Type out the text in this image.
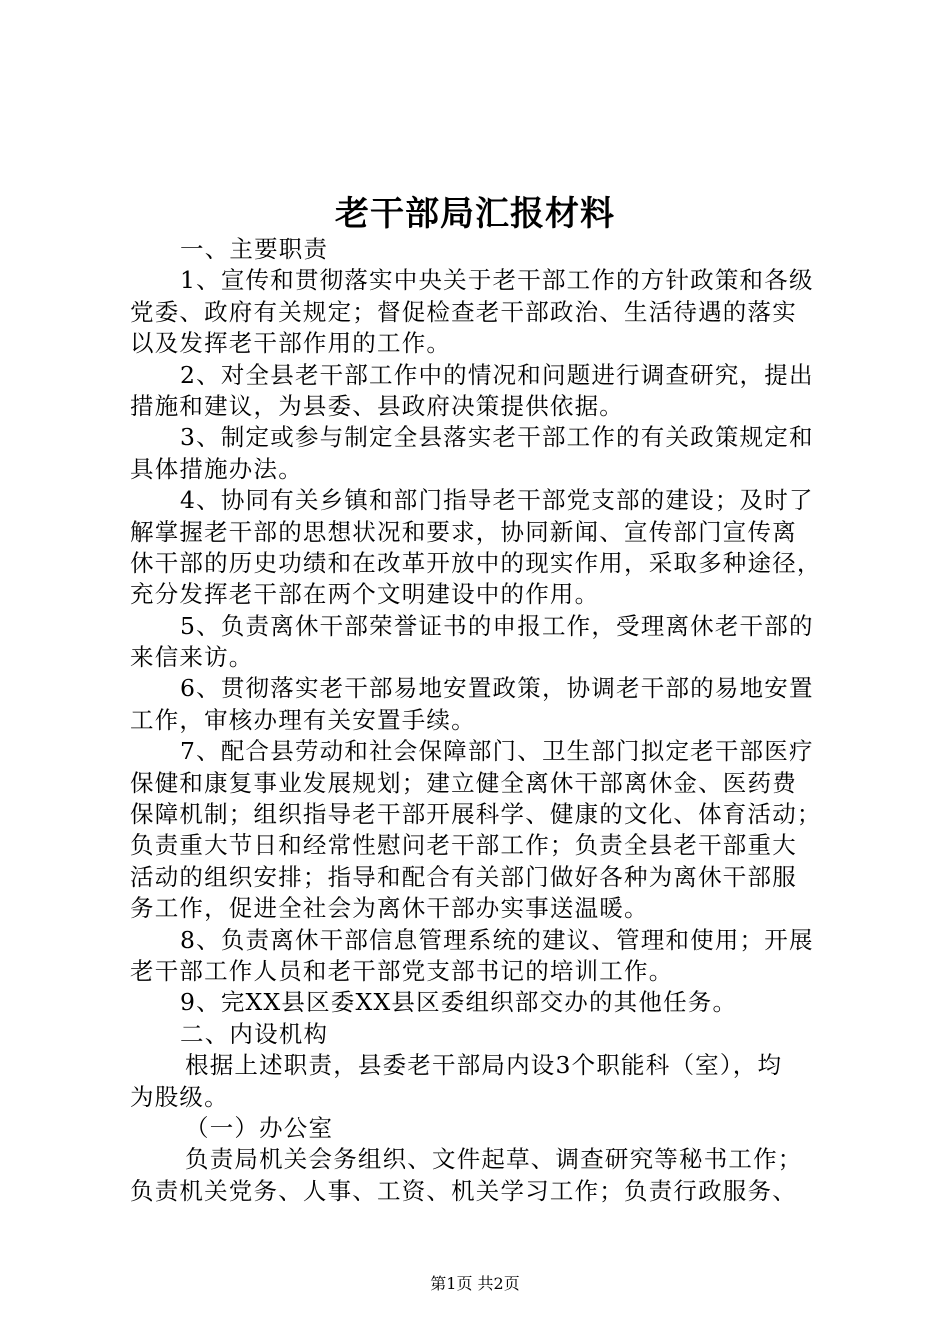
老干部局汇报材料
一、主要职责
1、宣传和贯彻落实中央关于老干部工作的方针政策和各级
党委、政府有关规定；督促检查老干部政治、生活待遇的落实
以及发挥老干部作用的工作。
2、对全县老干部工作中的情况和问题进行调查研究，提出
措施和建议，为县委、县政府决策提供依据。
3、制定或参与制定全县落实老干部工作的有关政策规定和
具体措施办法。
4、协同有关乡镇和部门指导老干部党支部的建设；及时了
解掌握老干部的思想状况和要求，协同新闻、宣传部门宣传离
休干部的历史功绩和在改革开放中的现实作用，采取多种途径，
充分发挥老干部在两个文明建设中的作用。
5、负责离休干部荣誉证书的申报工作，受理离休老干部的
来信来访。
6、贯彻落实老干部易地安置政策，协调老干部的易地安置
工作，审核办理有关安置手续。
7、配合县劳动和社会保障部门、卫生部门拟定老干部医疗
保健和康复事业发展规划；建立健全离休干部离休金、医药费
保障机制；组织指导老干部开展科学、健康的文化、体育活动；
负责重大节日和经常性慰问老干部工作；负责全县老干部重大
活动的组织安排；指导和配合有关部门做好各种为离休干部服
务工作，促进全社会为离休干部办实事送温暖。
8、负责离休干部信息管理系统的建议、管理和使用；开展
老干部工作人员和老干部党支部书记的培训工作。
9、完XX县区委XX县区委组织部交办的其他任务。
二、内设机构
根据上述职责，县委老干部局内设3个职能科（室），均
为股级。
（一）办公室
负责局机关会务组织、文件起草、调查研究等秘书工作；
负责机关党务、人事、工资、机关学习工作；负责行政服务、
第1页 共2页
